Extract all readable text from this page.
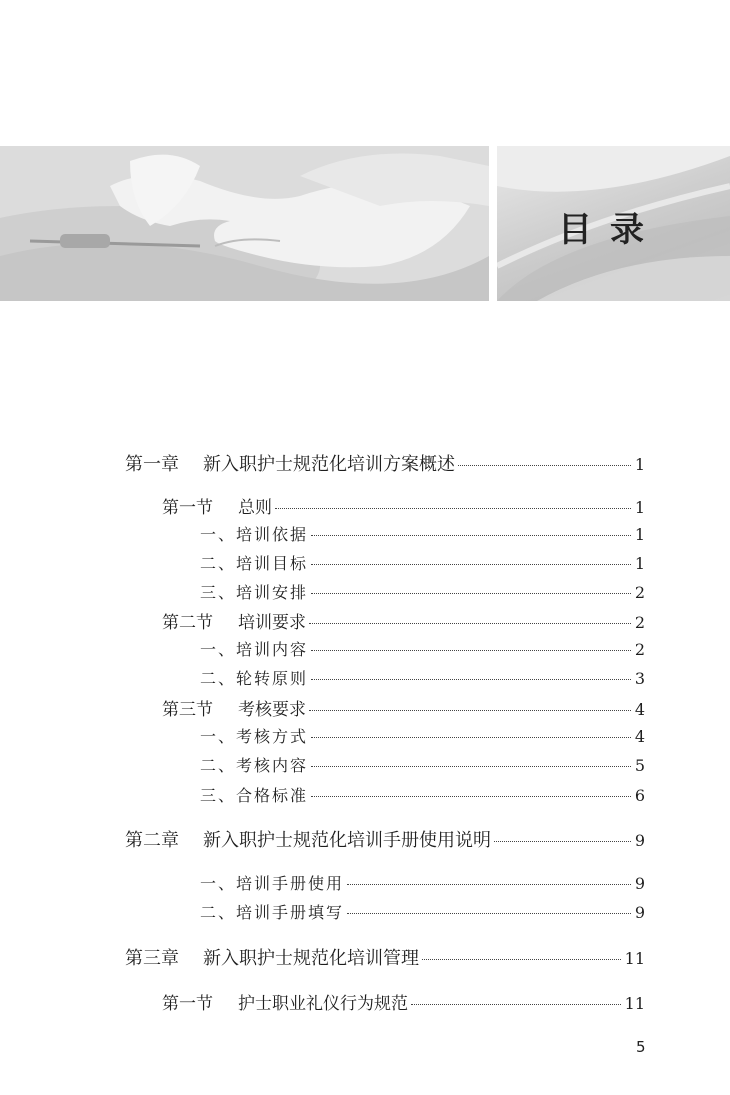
目录
第一章	新入职护士规范化培训方案概述	1
第一节	总则	1
一、培训依据	1
二、培训目标	1
三、培训安排	2
第二节	培训要求	2
一、培训内容	2
二、轮转原则	3
第三节	考核要求	4
一、考核方式	4
二、考核内容	5
三、合格标准	6
第二章	新入职护士规范化培训手册使用说明	9
一、培训手册使用	9
二、培训手册填写	9
第三章	新入职护士规范化培训管理	11
第一节	护士职业礼仪行为规范	11
5
